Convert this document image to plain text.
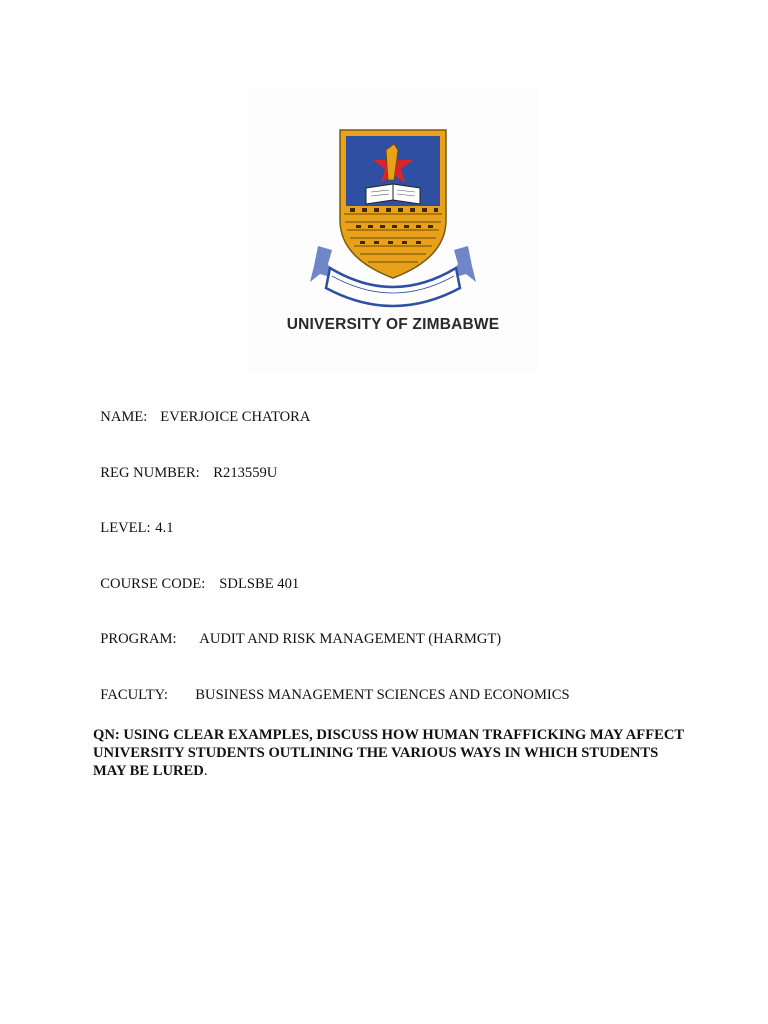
UNIVERSITY OF ZIMBABWE

NAME: EVERJOICE CHATORA

REG NUMBER: R213559U

LEVEL: 4.1

COURSE CODE: SDLSBE 401

PROGRAM: AUDIT AND RISK MANAGEMENT (HARMGT)

FACULTY: BUSINESS MANAGEMENT SCIENCES AND ECONOMICS

QN: USING CLEAR EXAMPLES, DISCUSS HOW HUMAN TRAFFICKING MAY AFFECT UNIVERSITY STUDENTS OUTLINING THE VARIOUS WAYS IN WHICH STUDENTS MAY BE LURED.
